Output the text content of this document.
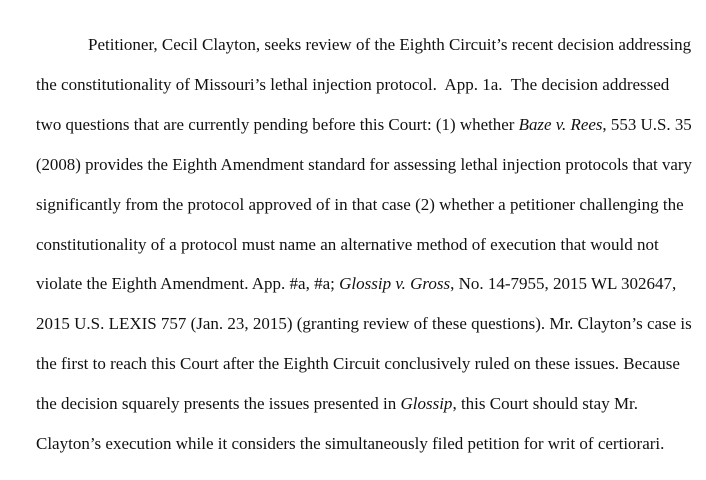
Petitioner, Cecil Clayton, seeks review of the Eighth Circuit’s recent decision addressing

the constitutionality of Missouri’s lethal injection protocol.  App. 1a.  The decision addressed

two questions that are currently pending before this Court: (1) whether Baze v. Rees, 553 U.S. 35

(2008) provides the Eighth Amendment standard for assessing lethal injection protocols that vary

significantly from the protocol approved of in that case (2) whether a petitioner challenging the

constitutionality of a protocol must name an alternative method of execution that would not

violate the Eighth Amendment. App. #a, #a; Glossip v. Gross, No. 14-7955, 2015 WL 302647,

2015 U.S. LEXIS 757 (Jan. 23, 2015) (granting review of these questions). Mr. Clayton’s case is

the first to reach this Court after the Eighth Circuit conclusively ruled on these issues. Because

the decision squarely presents the issues presented in Glossip, this Court should stay Mr.

Clayton’s execution while it considers the simultaneously filed petition for writ of certiorari.
